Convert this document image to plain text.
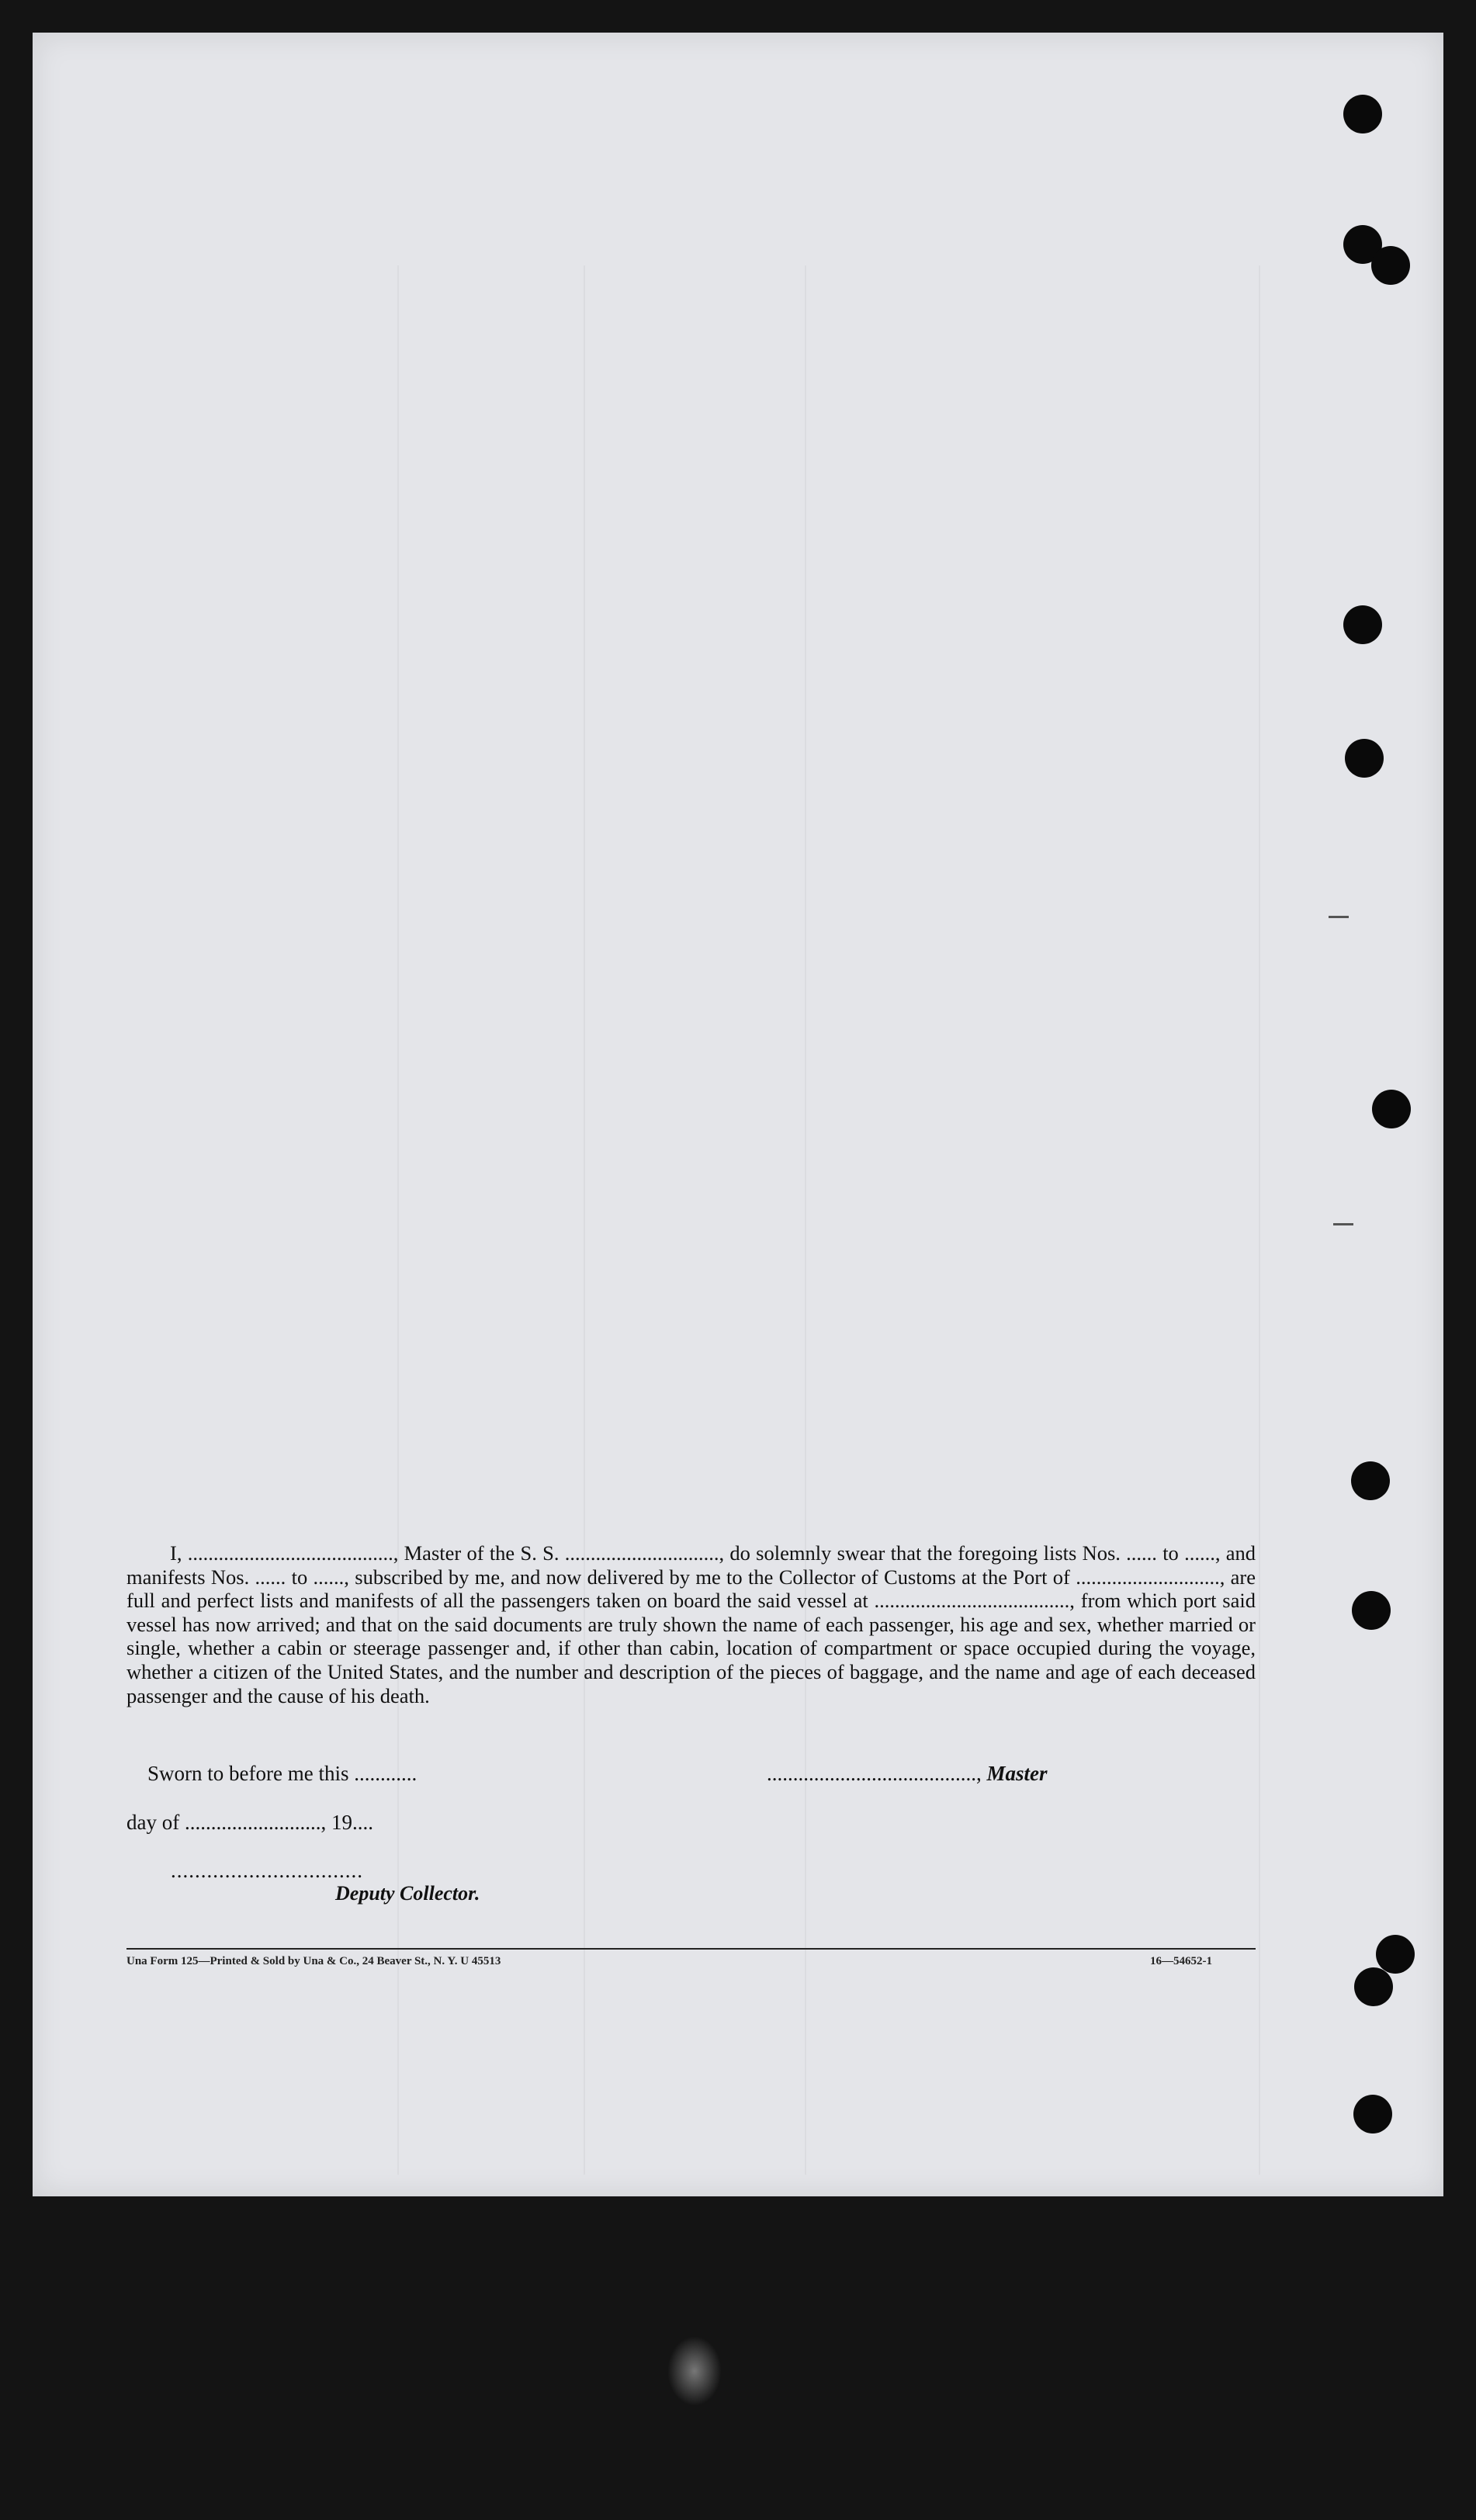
I, ........................................, Master of the S. S. .............................., do solemnly swear that the foregoing lists Nos. ...... to ......, and manifests Nos. ...... to ......, subscribed by me, and now delivered by me to the Collector of Customs at the Port of ............................, are full and perfect lists and manifests of all the passengers taken on board the said vessel at ......................................, from which port said vessel has now arrived; and that on the said documents are truly shown the name of each passenger, his age and sex, whether married or single, whether a cabin or steerage passenger and, if other than cabin, location of compartment or space occupied during the voyage, whether a citizen of the United States, and the number and description of the pieces of baggage, and the name and age of each deceased passenger and the cause of his death.

Sworn to before me this ............	........................................, Master
day of .........................., 19....
................................
Deputy Collector.
Una Form 125—Printed & Sold by Una & Co., 24 Beaver St., N. Y. U 45513	16—54652-1
